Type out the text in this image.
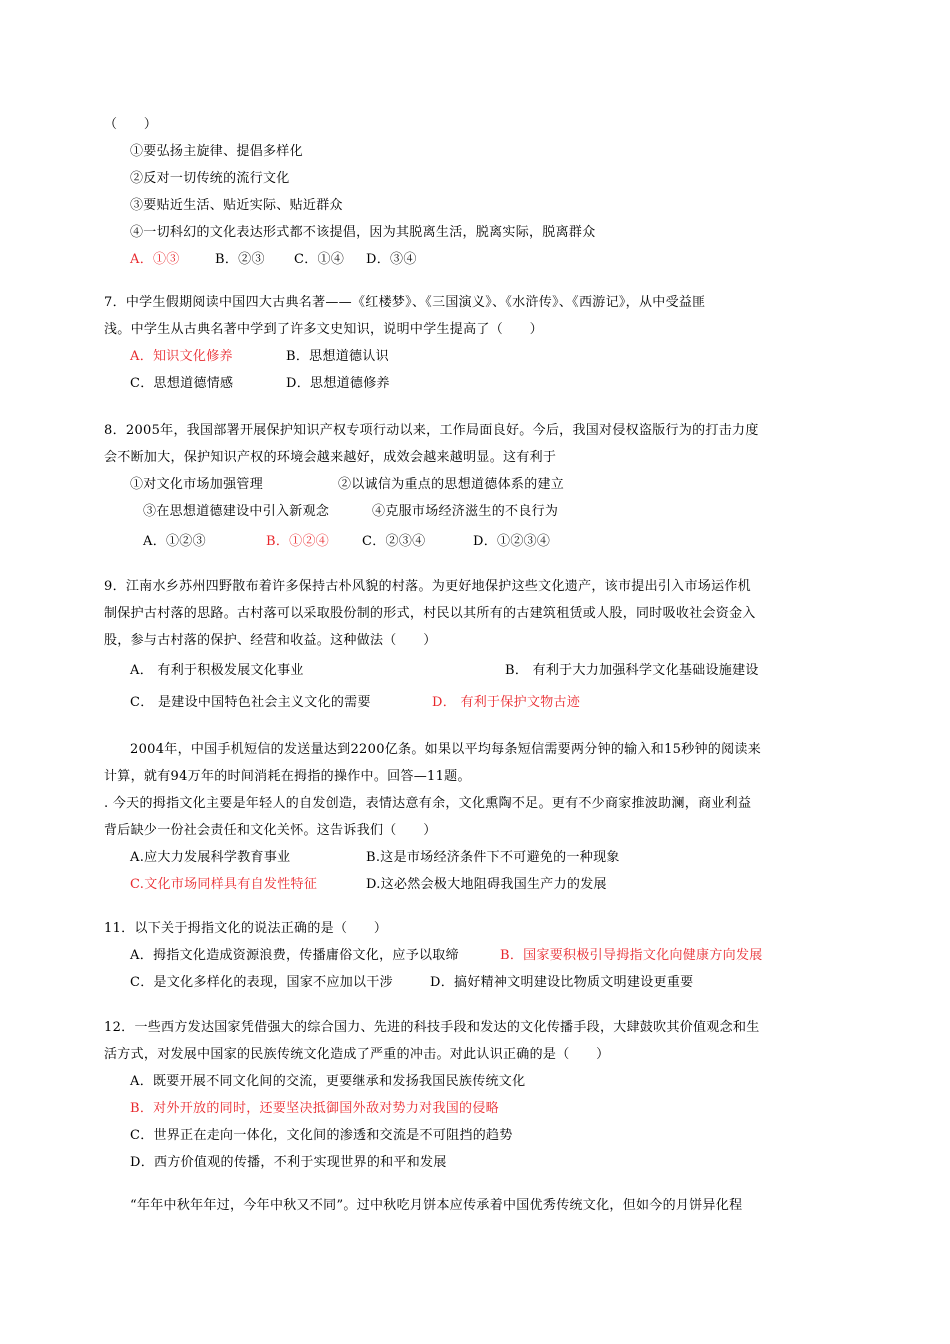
（　　）
①要弘扬主旋律、提倡多样化
②反对一切传统的流行文化
③要贴近生活、贴近实际、贴近群众
④一切科幻的文化表达形式都不该提倡，因为其脱离生活，脱离实际，脱离群众
A．①③	B．②③ C．①④ D．③④
7．中学生假期阅读中国四大古典名著——《红楼梦》、《三国演义》、《水浒传》、《西游记》，从中受益匪
浅。中学生从古典名著中学到了许多文史知识，说明中学生提高了（　　）
A．知识文化修养	B．思想道德认识
C．思想道德情感	D．思想道德修养
8．2005年，我国部署开展保护知识产权专项行动以来，工作局面良好。今后，我国对侵权盗版行为的打击力度
会不断加大，保护知识产权的环境会越来越好，成效会越来越明显。这有利于
①对文化市场加强管理	②以诚信为重点的思想道德体系的建立
③在思想道德建设中引入新观念	④克服市场经济滋生的不良行为
A．①②③	B．①②④	C．②③④	D．①②③④
9．江南水乡苏州四野散布着许多保持古朴风貌的村落。为更好地保护这些文化遗产，该市提出引入市场运作机
制保护古村落的思路。古村落可以采取股份制的形式，村民以其所有的古建筑租赁或人股，同时吸收社会资金入
股，参与古村落的保护、经营和收益。这种做法（　　）
A． 有利于积极发展文化事业	B． 有利于大力加强科学文化基础设施建设
C． 是建设中国特色社会主义文化的需要	D． 有利于保护文物古迹
2004年，中国手机短信的发送量达到2200亿条。如果以平均每条短信需要两分钟的输入和15秒钟的阅读来
计算，就有94万年的时间消耗在拇指的操作中。回答—11题。
. 今天的拇指文化主要是年轻人的自发创造，表情达意有余，文化熏陶不足。更有不少商家推波助澜，商业利益
背后缺少一份社会责任和文化关怀。这告诉我们（　　）
A.应大力发展科学教育事业	B.这是市场经济条件下不可避免的一种现象
C.文化市场同样具有自发性特征	D.这必然会极大地阻碍我国生产力的发展
11．以下关于拇指文化的说法正确的是（　　）
A．拇指文化造成资源浪费，传播庸俗文化，应予以取缔	B．国家要积极引导拇指文化向健康方向发展
C．是文化多样化的表现，国家不应加以干涉	D．搞好精神文明建设比物质文明建设更重要
12．一些西方发达国家凭借强大的综合国力、先进的科技手段和发达的文化传播手段，大肆鼓吹其价值观念和生
活方式，对发展中国家的民族传统文化造成了严重的冲击。对此认识正确的是（　　）
A．既要开展不同文化间的交流，更要继承和发扬我国民族传统文化
B．对外开放的同时，还要坚决抵御国外敌对势力对我国的侵略
C．世界正在走向一体化，文化间的渗透和交流是不可阻挡的趋势
D．西方价值观的传播，不利于实现世界的和平和发展
“年年中秋年年过，今年中秋又不同”。过中秋吃月饼本应传承着中国优秀传统文化，但如今的月饼异化程
